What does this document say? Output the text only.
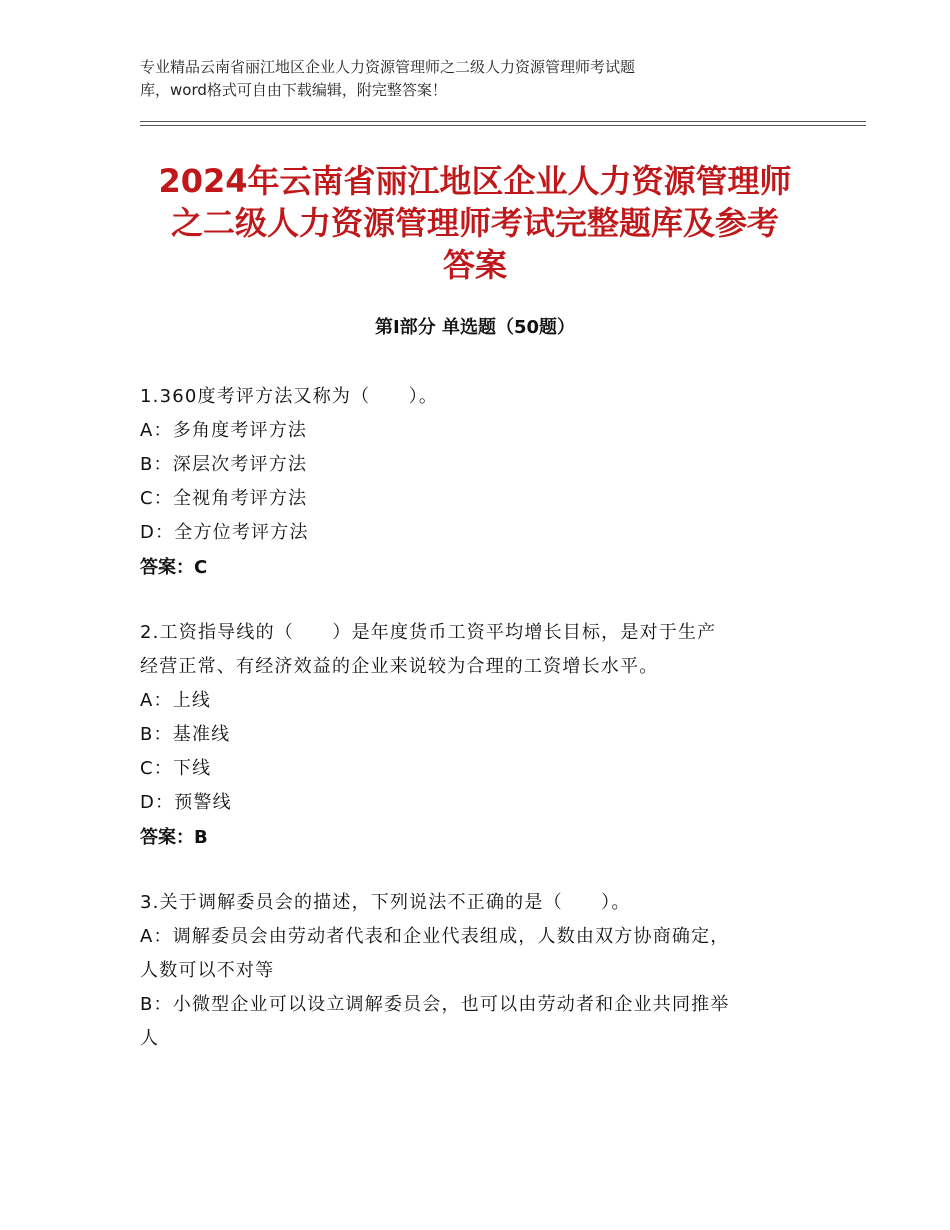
专业精品云南省丽江地区企业人力资源管理师之二级人力资源管理师考试题
库，word格式可自由下载编辑，附完整答案！
2024年云南省丽江地区企业人力资源管理师
之二级人力资源管理师考试完整题库及参考
答案
第Ⅰ部分 单选题（50题）
1.360度考评方法又称为（　　）。
A：多角度考评方法
B：深层次考评方法
C：全视角考评方法
D：全方位考评方法
答案：C
2.工资指导线的（　　）是年度货币工资平均增长目标，是对于生产
经营正常、有经济效益的企业来说较为合理的工资增长水平。
A：上线
B：基准线
C：下线
D：预警线
答案：B
3.关于调解委员会的描述，下列说法不正确的是（　　）。
A：调解委员会由劳动者代表和企业代表组成，人数由双方协商确定，
人数可以不对等
B：小微型企业可以设立调解委员会，也可以由劳动者和企业共同推举
人
